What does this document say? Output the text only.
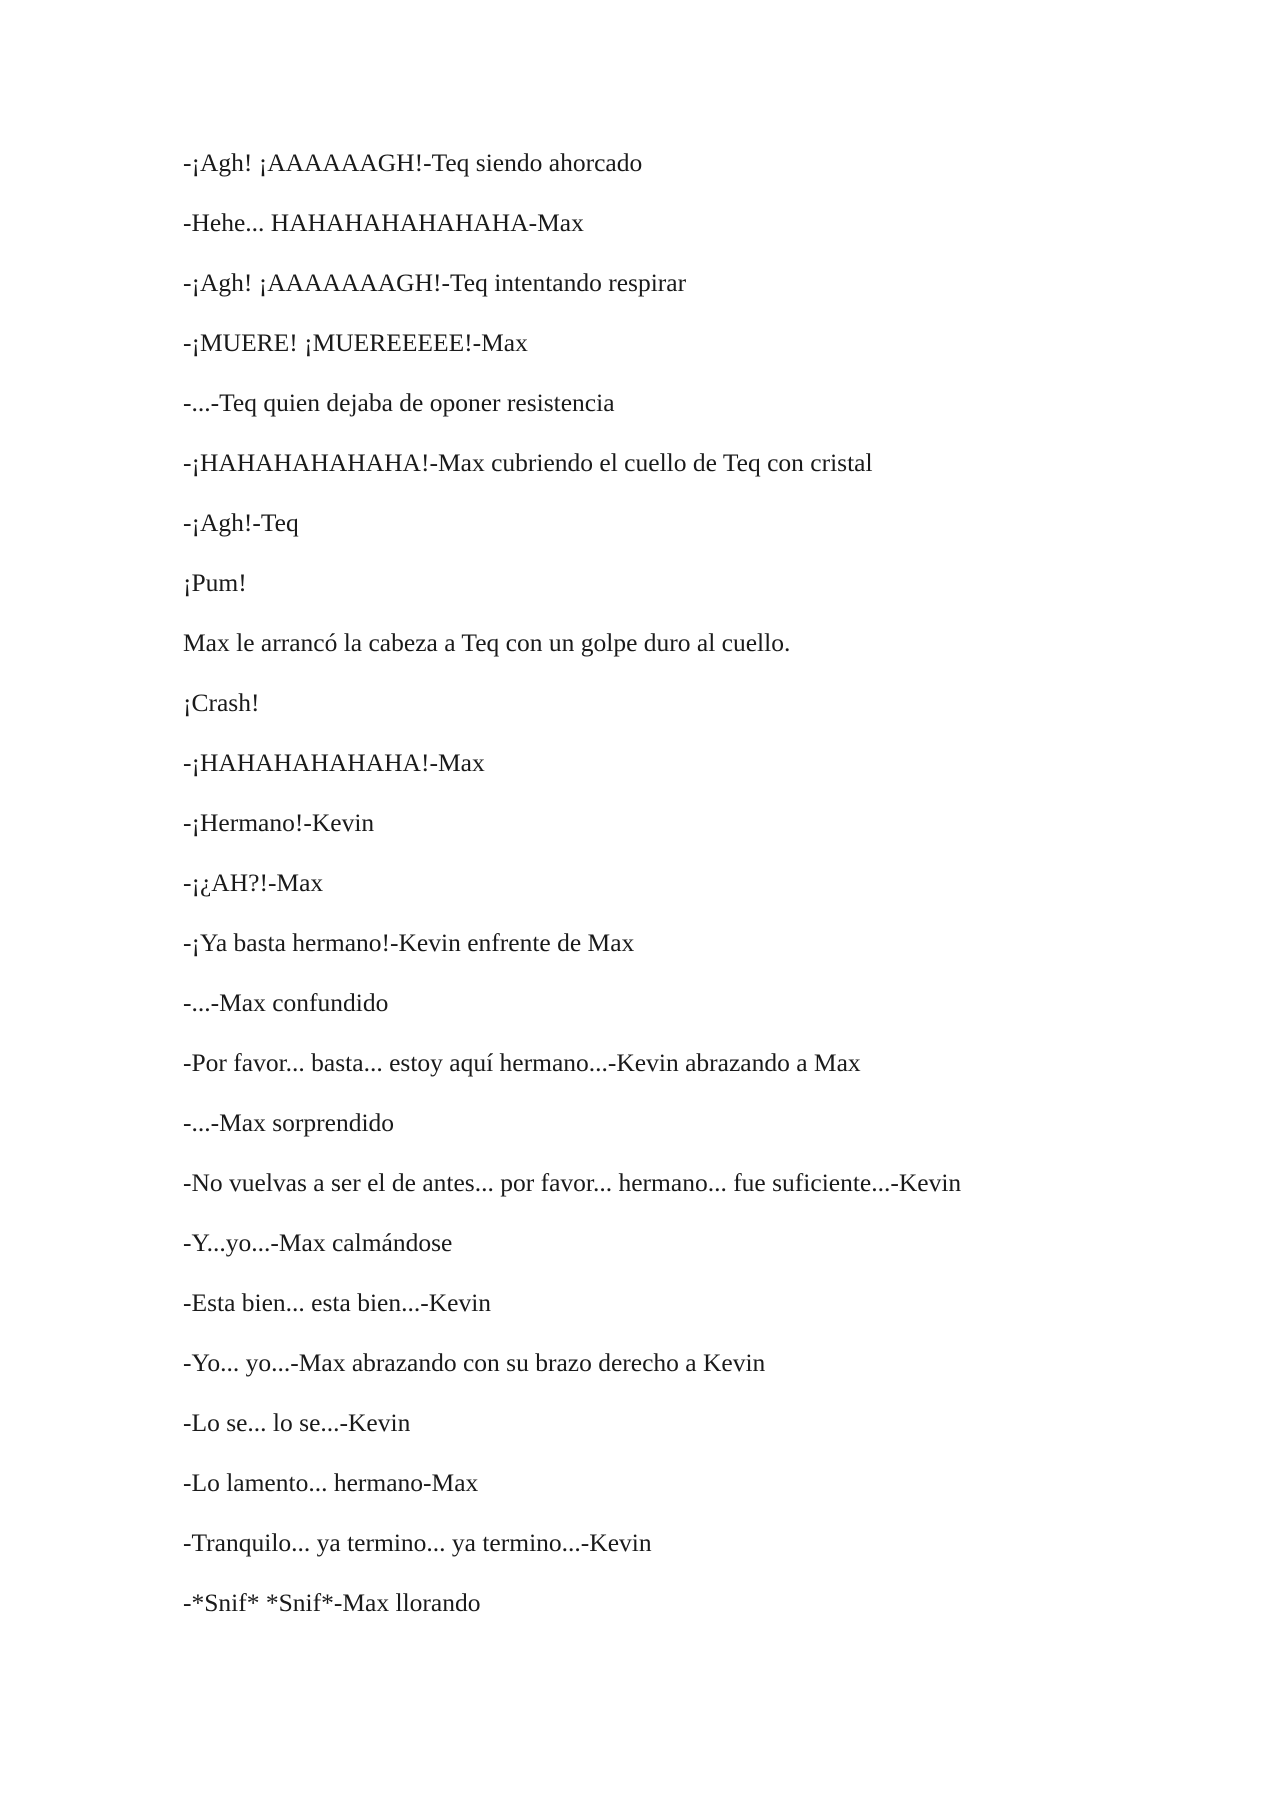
-¡Agh! ¡AAAAAAGH!-Teq siendo ahorcado

-Hehe... HAHAHAHAHAHAHA-Max

-¡Agh! ¡AAAAAAAGH!-Teq intentando respirar

-¡MUERE! ¡MUEREEEEE!-Max

-...-Teq quien dejaba de oponer resistencia

-¡HAHAHAHAHAHA!-Max cubriendo el cuello de Teq con cristal

-¡Agh!-Teq

¡Pum!

Max le arrancó la cabeza a Teq con un golpe duro al cuello.

¡Crash!

-¡HAHAHAHAHAHA!-Max

-¡Hermano!-Kevin

-¡¿AH?!-Max

-¡Ya basta hermano!-Kevin enfrente de Max

-...-Max confundido

-Por favor... basta... estoy aquí hermano...-Kevin abrazando a Max

-...-Max sorprendido

-No vuelvas a ser el de antes... por favor... hermano... fue suficiente...-Kevin

-Y...yo...-Max calmándose

-Esta bien... esta bien...-Kevin

-Yo... yo...-Max abrazando con su brazo derecho a Kevin

-Lo se... lo se...-Kevin

-Lo lamento... hermano-Max

-Tranquilo... ya termino... ya termino...-Kevin

-*Snif* *Snif*-Max llorando
